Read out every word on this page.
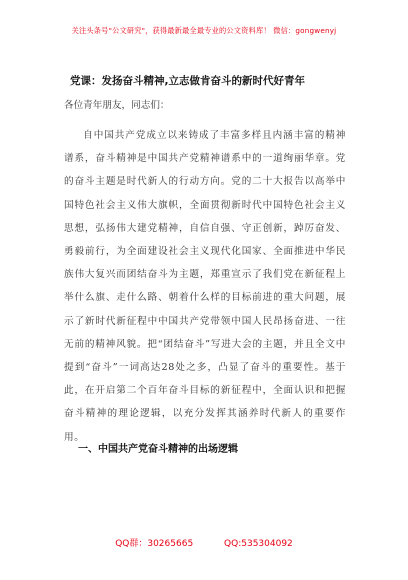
关注头条号"公文研究"，获得最新最全最专业的公文资料库！ 微信：gongwenyj
党课：发扬奋斗精神,立志做肯奋斗的新时代好青年
各位青年朋友，同志们：
自中国共产党成立以来铸成了丰富多样且内涵丰富的精神谱系，奋斗精神是中国共产党精神谱系中的一道绚丽华章。党的奋斗主题是时代新人的行动方向。党的二十大报告以高举中国特色社会主义伟大旗帜，全面贯彻新时代中国特色社会主义思想，弘扬伟大建党精神，自信自强、守正创新，踔厉奋发、勇毅前行，为全面建设社会主义现代化国家、全面推进中华民族伟大复兴而团结奋斗为主题，郑重宣示了我们党在新征程上举什么旗、走什么路、朝着什么样的目标前进的重大问题，展示了新时代新征程中中国共产党带领中国人民昂扬奋进、一往无前的精神风貌。把“团结奋斗”写进大会的主题，并且全文中提到“奋斗”一词高达28处之多，凸显了奋斗的重要性。基于此，在开启第二个百年奋斗目标的新征程中，全面认识和把握奋斗精神的理论逻辑，以充分发挥其涵养时代新人的重要作用。
一、中国共产党奋斗精神的出场逻辑
QQ群：30265665	QQ:535304092
